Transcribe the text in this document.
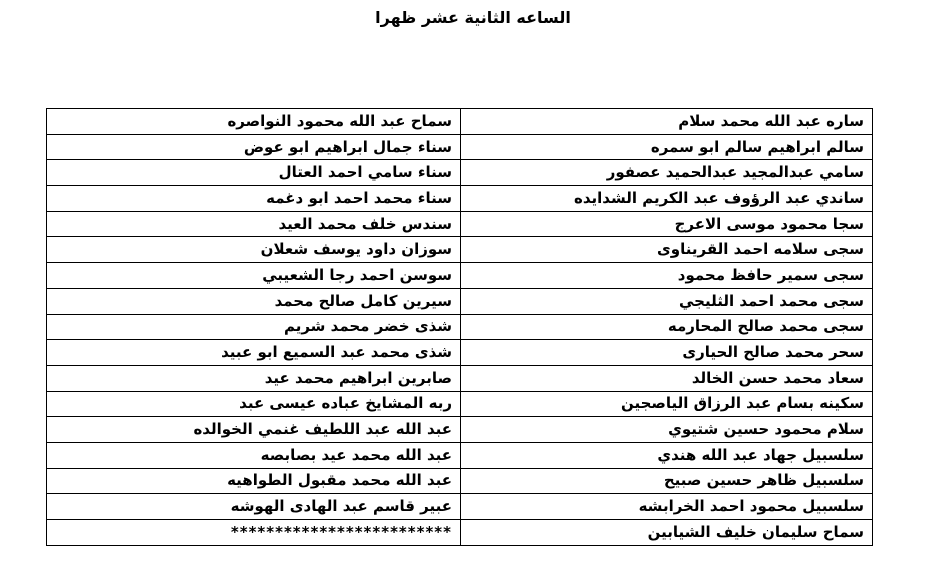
الساعه الثانية عشر ظهرا
ساره عبد الله محمد سلام	سماح عبد الله محمود النواصره
سالم ابراهيم سالم ابو سمره	سناء جمال ابراهيم ابو عوض
سامي عبدالمجيد عبدالحميد عصفور	سناء سامي احمد العتال
ساندي عبد الرؤوف عبد الكريم الشدايده	سناء محمد احمد ابو دغمه
سجا محمود موسى الاعرج	سندس خلف محمد العيد
سجى سلامه احمد القريناوى	سوزان داود يوسف شعلان
سجى سمير حافظ محمود	سوسن احمد رجا الشعيبي
سجى محمد احمد الثليجي	سيرين كامل صالح محمد
سجى محمد صالح المحارمه	شذى خضر محمد شريم
سحر محمد صالح الحيارى	شذى محمد عبد السميع ابو عبيد
سعاد محمد حسن الخالد	صابرين ابراهيم محمد عيد
سكينه بسام عبد الرزاق الياصجين	ربه المشايخ عباده عيسى عبد
سلام محمود حسين شتيوي	عبد الله عبد اللطيف غنمي الخوالده
سلسبيل جهاد عبد الله هندي	عبد الله محمد عيد بصابصه
سلسبيل ظاهر حسين صبيح	عبد الله محمد مقبول الطواهيه
سلسبيل محمود احمد الخرابشه	عبير قاسم عبد الهادى الهوشه
سماح سليمان خليف الشيابين	*************************
